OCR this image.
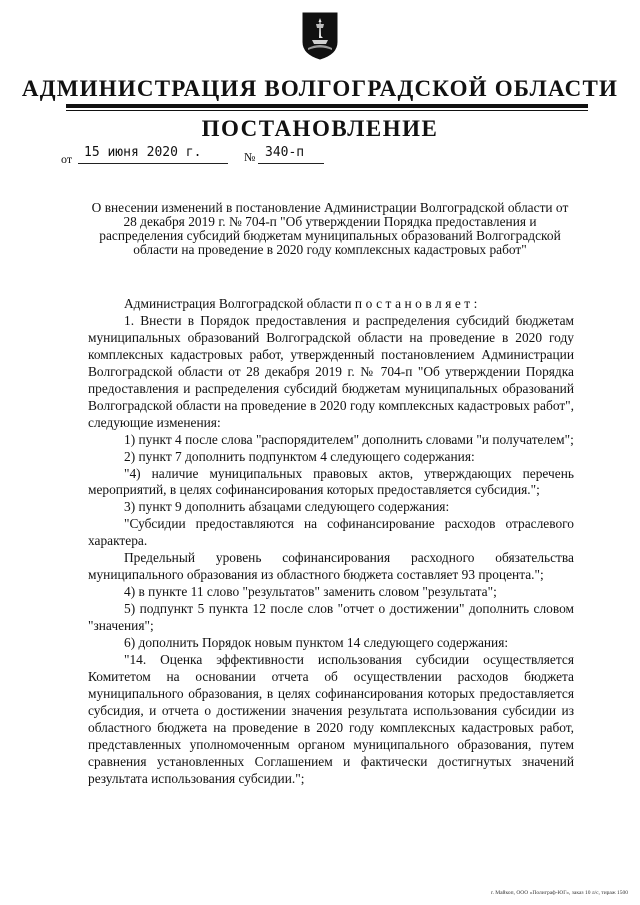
АДМИНИСТРАЦИЯ ВОЛГОГРАДСКОЙ ОБЛАСТИ
ПОСТАНОВЛЕНИЕ
от 15 июня 2020 г.	№ 340-п
О внесении изменений в постановление Администрации Волгоградской области от 28 декабря 2019 г. № 704-п "Об утверждении Порядка предоставления и распределения субсидий бюджетам муниципальных образований Волгоградской области на проведение в 2020 году комплексных кадастровых работ"

Администрация Волгоградской области постановляет:

1. Внести в Порядок предоставления и распределения субсидий бюджетам муниципальных образований Волгоградской области на проведение в 2020 году комплексных кадастровых работ, утвержденный постановлением Администрации Волгоградской области от 28 декабря 2019 г. № 704-п "Об утверждении Порядка предоставления и распределения субсидий бюджетам муниципальных образований Волгоградской области на проведение в 2020 году комплексных кадастровых работ", следующие изменения:

1) пункт 4 после слова "распорядителем" дополнить словами "и получателем";

2) пункт 7 дополнить подпунктом 4 следующего содержания:

"4) наличие муниципальных правовых актов, утверждающих перечень мероприятий, в целях софинансирования которых предоставляется субсидия.";

3) пункт 9 дополнить абзацами следующего содержания:

"Субсидии предоставляются на софинансирование расходов отраслевого характера.

Предельный уровень софинансирования расходного обязательства муниципального образования из областного бюджета составляет 93 процента.";

4) в пункте 11 слово "результатов" заменить словом "результата";

5) подпункт 5 пункта 12 после слов "отчет о достижении" дополнить словом "значения";

6) дополнить Порядок новым пунктом 14 следующего содержания:

"14. Оценка эффективности использования субсидии осуществляется Комитетом на основании отчета об осуществлении расходов бюджета муниципального образования, в целях софинансирования которых предоставляется субсидия, и отчета о достижении значения результата использования субсидии из областного бюджета на проведение в 2020 году комплексных кадастровых работ, представленных уполномоченным органом муниципального образования, путем сравнения установленных Соглашением и фактически достигнутых значений результата использования субсидии.";

г. Майкоп, ООО «Полиграф-ЮГ», заказ 10 л/с, тираж 1500
